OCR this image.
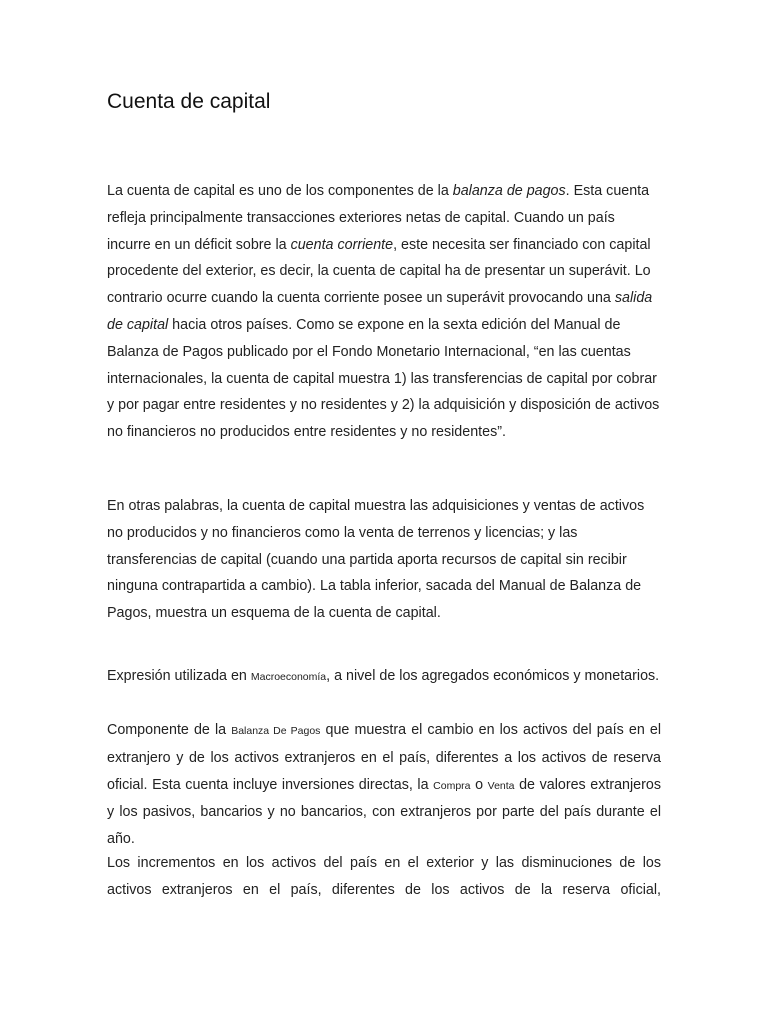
Cuenta de capital

La cuenta de capital es uno de los componentes de la balanza de pagos. Esta cuenta refleja principalmente transacciones exteriores netas de capital. Cuando un país incurre en un déficit sobre la cuenta corriente, este necesita ser financiado con capital procedente del exterior, es decir, la cuenta de capital ha de presentar un superávit. Lo contrario ocurre cuando la cuenta corriente posee un superávit provocando una salida de capital hacia otros países. Como se expone en la sexta edición del Manual de Balanza de Pagos publicado por el Fondo Monetario Internacional, “en las cuentas internacionales, la cuenta de capital muestra 1) las transferencias de capital por cobrar y por pagar entre residentes y no residentes y 2) la adquisición y disposición de activos no financieros no producidos entre residentes y no residentes”.

En otras palabras, la cuenta de capital muestra las adquisiciones y ventas de activos no producidos y no financieros como la venta de terrenos y licencias; y las transferencias de capital (cuando una partida aporta recursos de capital sin recibir ninguna contrapartida a cambio). La tabla inferior, sacada del Manual de Balanza de Pagos, muestra un esquema de la cuenta de capital.

Expresión utilizada en Macroeconomía, a nivel de los agregados económicos y monetarios.

Componente de la Balanza De Pagos que muestra el cambio en los activos del país en el extranjero y de los activos extranjeros en el país, diferentes a los activos de reserva oficial. Esta cuenta incluye inversiones directas, la Compra o Venta de valores extranjeros y los pasivos, bancarios y no bancarios, con extranjeros por parte del país durante el año.

Los incrementos en los activos del país en el exterior y las disminuciones de los activos extranjeros en el país, diferentes de los activos de la reserva oficial,
